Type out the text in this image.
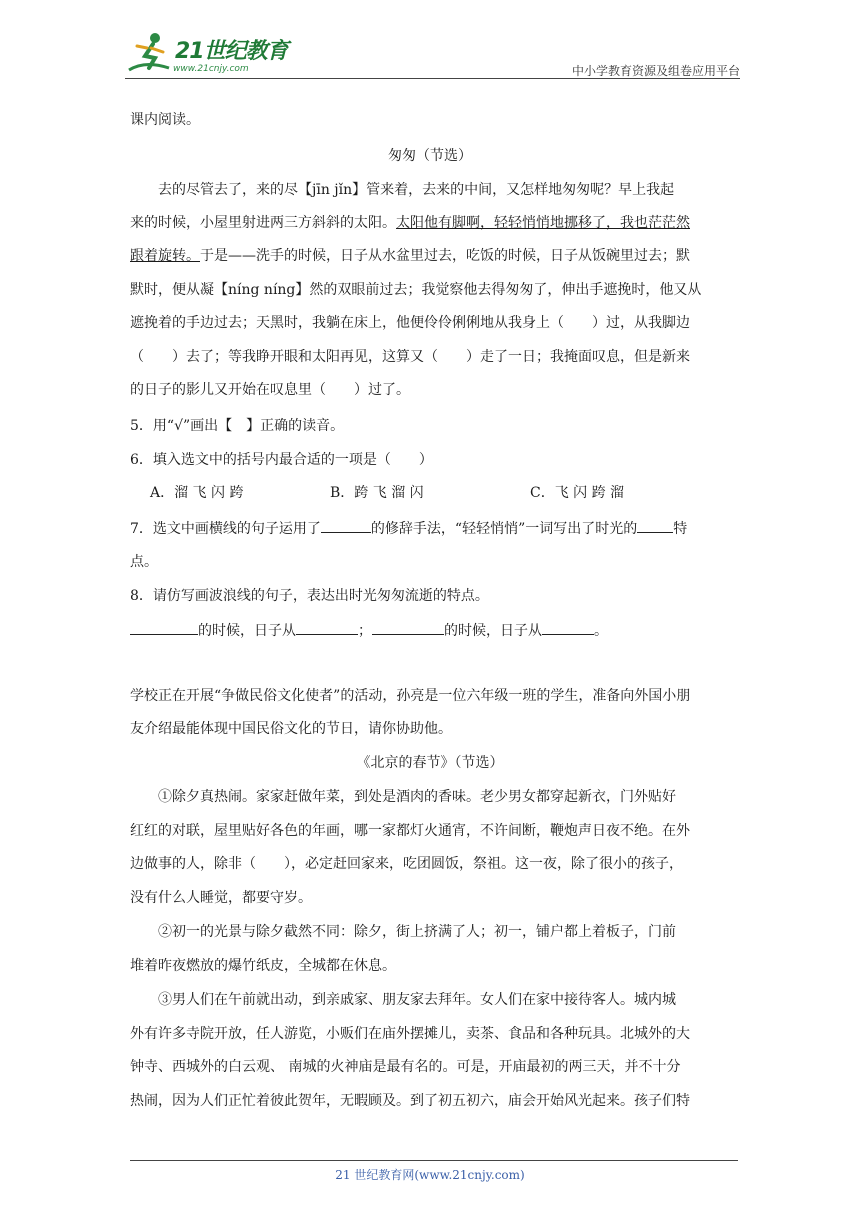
21世纪教育
www.21cnjy.com	中小学教育资源及组卷应用平台
课内阅读。
匆匆（节选）
去的尽管去了，来的尽【jīn jǐn】管来着，去来的中间，又怎样地匆匆呢？早上我起
来的时候，小屋里射进两三方斜斜的太阳。太阳他有脚啊，轻轻悄悄地挪移了，我也茫茫然
跟着旋转。于是——洗手的时候，日子从水盆里过去，吃饭的时候，日子从饭碗里过去；默
默时，便从凝【níng níng】然的双眼前过去；我觉察他去得匆匆了，伸出手遮挽时，他又从
遮挽着的手边过去；天黑时，我躺在床上，他便伶伶俐俐地从我身上（　　）过，从我脚边
（　　）去了；等我睁开眼和太阳再见，这算又（　　）走了一日；我掩面叹息，但是新来
的日子的影儿又开始在叹息里（　　）过了。
5．用“√”画出【　】正确的读音。
6．填入选文中的括号内最合适的一项是（　　）
A．溜 飞 闪 跨	B．跨 飞 溜 闪	C．飞 闪 跨 溜
7．选文中画横线的句子运用了	的修辞手法，“轻轻悄悄”一词写出了时光的	特
点。
8．请仿写画波浪线的句子，表达出时光匆匆流逝的特点。
的时候，日子从	；	的时候，日子从	。
学校正在开展“争做民俗文化使者”的活动，孙亮是一位六年级一班的学生，准备向外国小朋
友介绍最能体现中国民俗文化的节日，请你协助他。
《北京的春节》（节选）
①除夕真热闹。家家赶做年菜，到处是酒肉的香味。老少男女都穿起新衣，门外贴好
红红的对联，屋里贴好各色的年画，哪一家都灯火通宵，不许间断，鞭炮声日夜不绝。在外
边做事的人，除非（　　），必定赶回家来，吃团圆饭，祭祖。这一夜，除了很小的孩子，
没有什么人睡觉，都要守岁。
②初一的光景与除夕截然不同：除夕，街上挤满了人；初一，铺户都上着板子，门前
堆着昨夜燃放的爆竹纸皮，全城都在休息。
③男人们在午前就出动，到亲戚家、朋友家去拜年。女人们在家中接待客人。城内城
外有许多寺院开放，任人游览，小贩们在庙外摆摊儿，卖茶、食品和各种玩具。北城外的大
钟寺、西城外的白云观、 南城的火神庙是最有名的。可是，开庙最初的两三天，并不十分
热闹，因为人们正忙着彼此贺年，无暇顾及。到了初五初六，庙会开始风光起来。孩子们特
21 世纪教育网(www.21cnjy.com)
